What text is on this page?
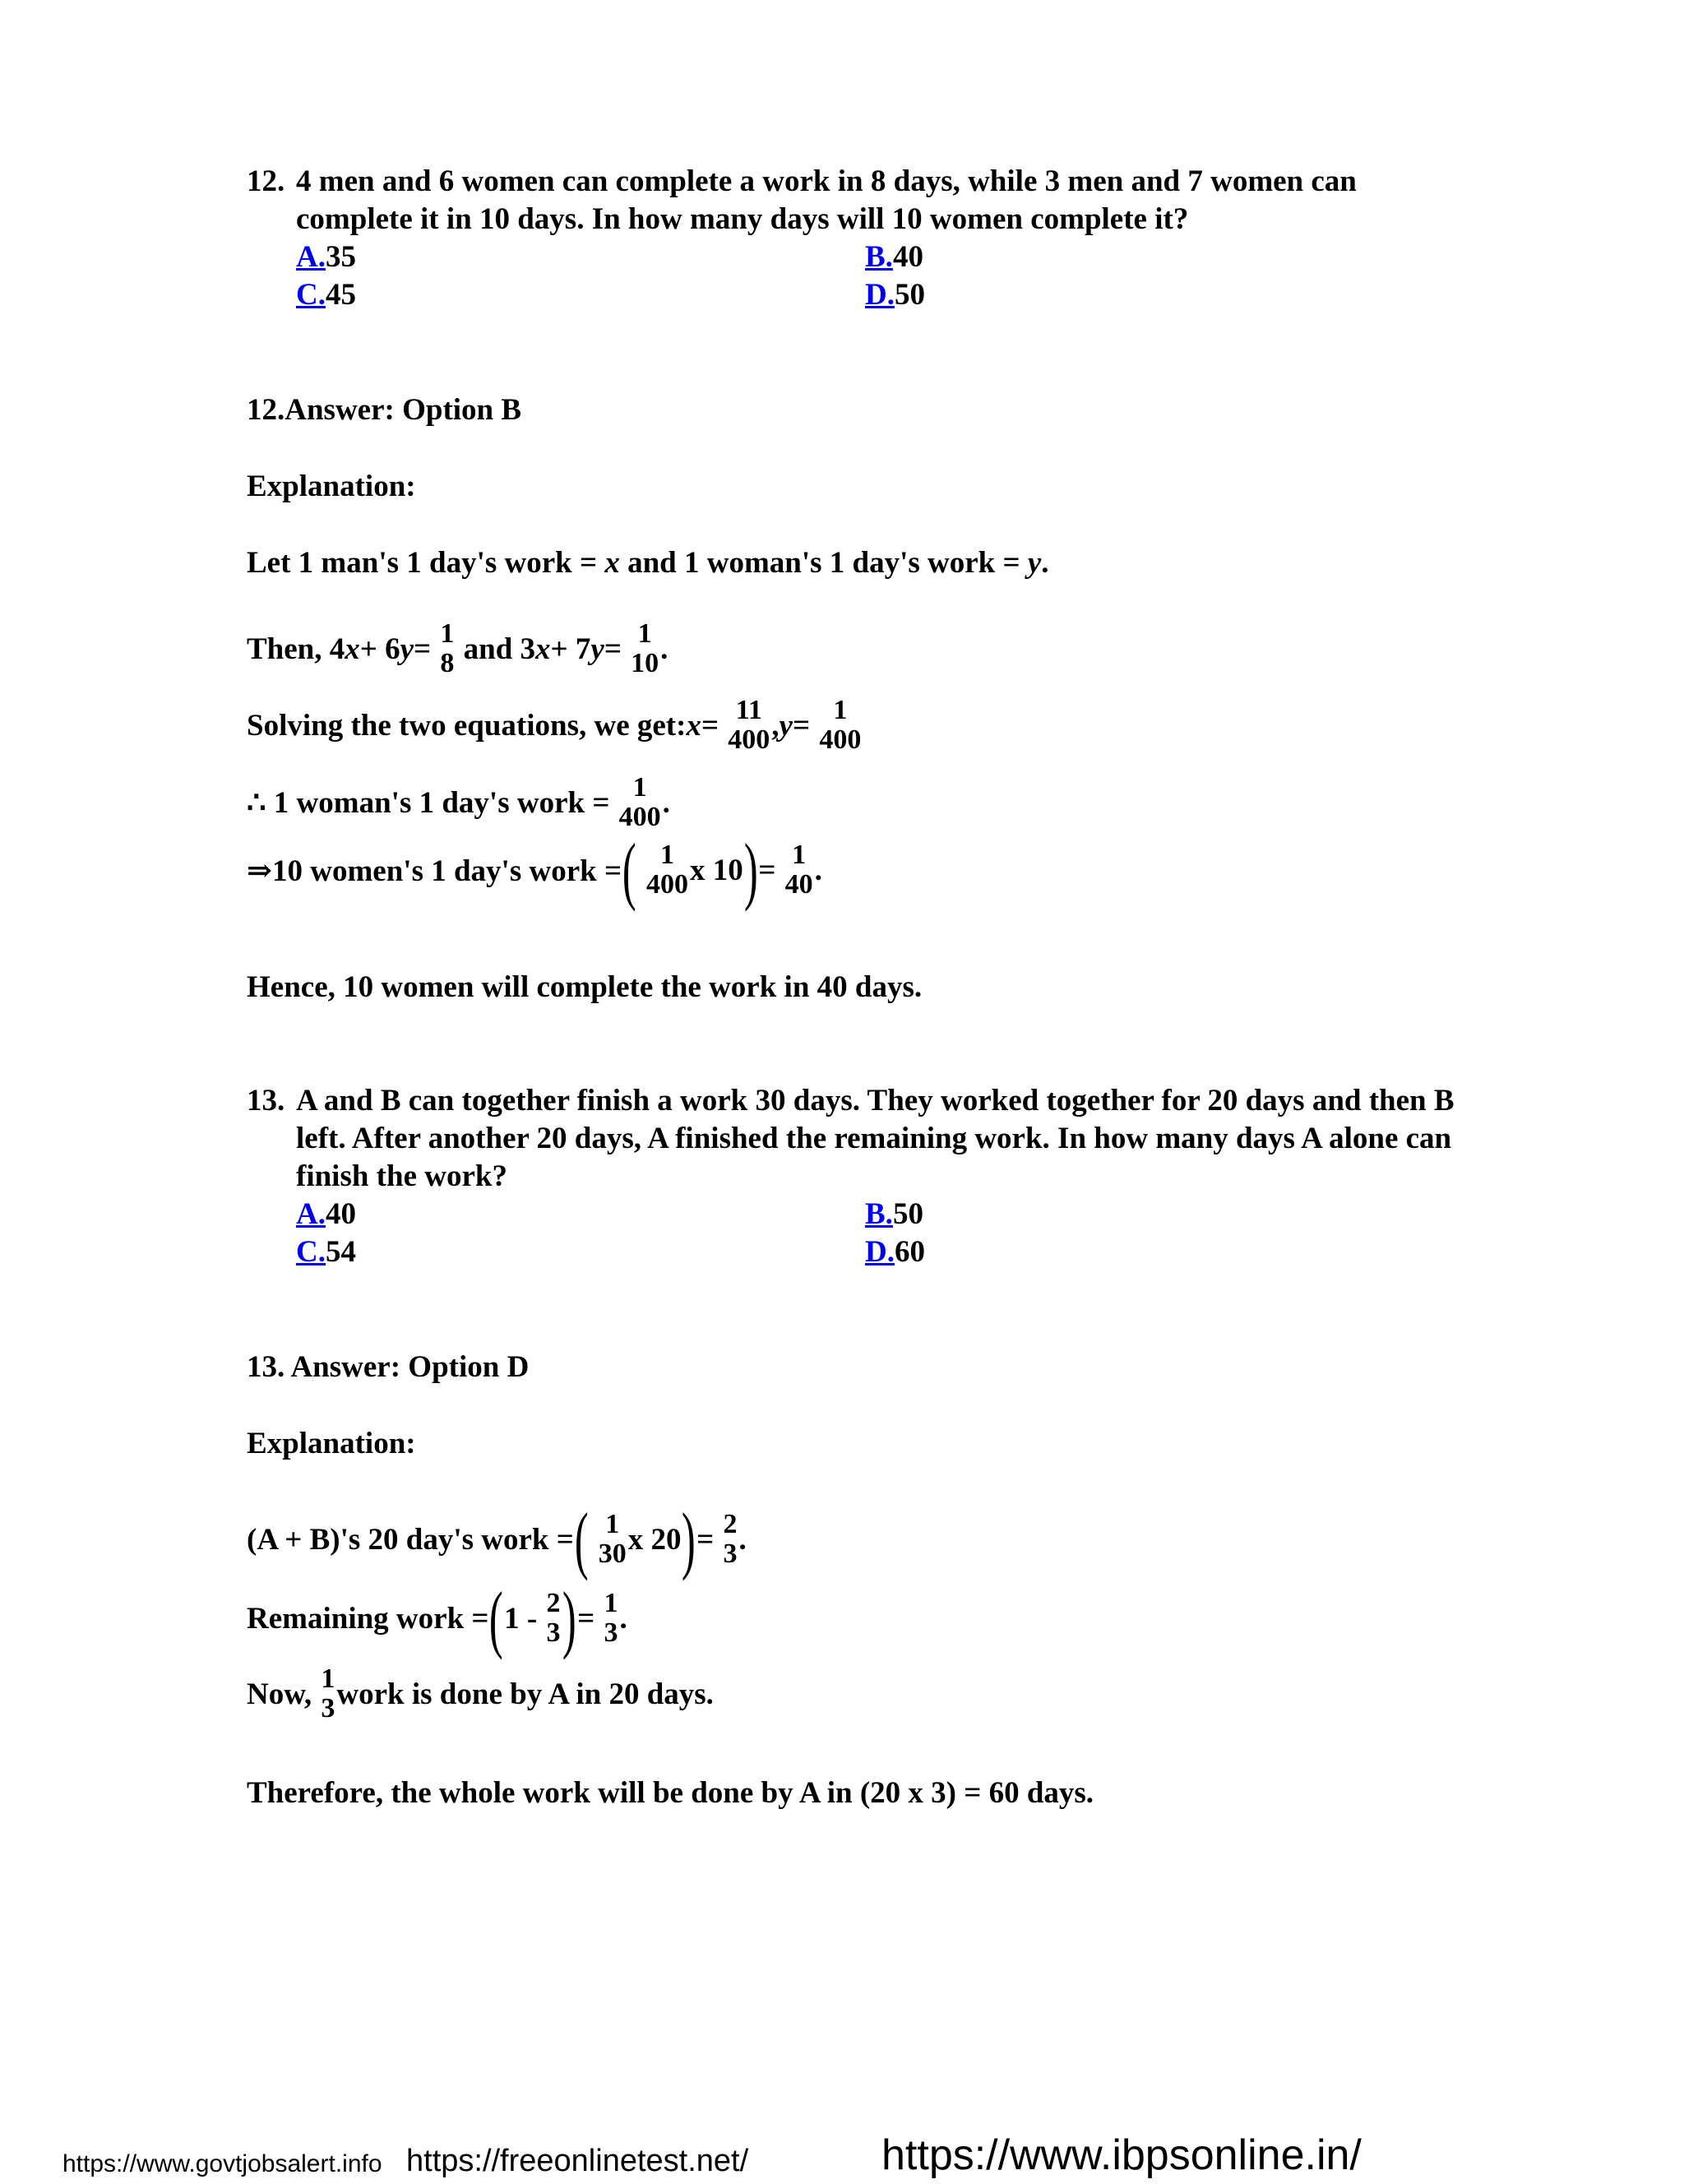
12. 4 men and 6 women can complete a work in 8 days, while 3 men and 7 women can complete it in 10 days. In how many days will 10 women complete it?
A.35	B.40
C.45	D.50
12.Answer: Option B
Explanation:
Let 1 man's 1 day's work = x and 1 woman's 1 day's work = y.
Then, 4x+ 6y= 1
8 and 3x+ 7y= 1
10 .
Solving the two equations, we get:x= 11
400 ,y= 1
400
∴ 1 woman's 1 day's work = 1
400 .
⇒10 women's 1 day's work =( 1
400 x 10)= 1
40 .
Hence, 10 women will complete the work in 40 days.
13. A and B can together finish a work 30 days. They worked together for 20 days and then B left. After another 20 days, A finished the remaining work. In how many days A alone can finish the work?
A.40	B.50
C.54	D.60
13. Answer: Option D
Explanation:
(A + B)'s 20 day's work =( 1
30 x 20)= 2
3 .
Remaining work =(1 - 2
3 )= 1
3 .
Now, 1
3 work is done by A in 20 days.
Therefore, the whole work will be done by A in (20 x 3) = 60 days.
https://www.govtjobsalert.info https://freeonlinetest.net/	https://www.ibpsonline.in/
